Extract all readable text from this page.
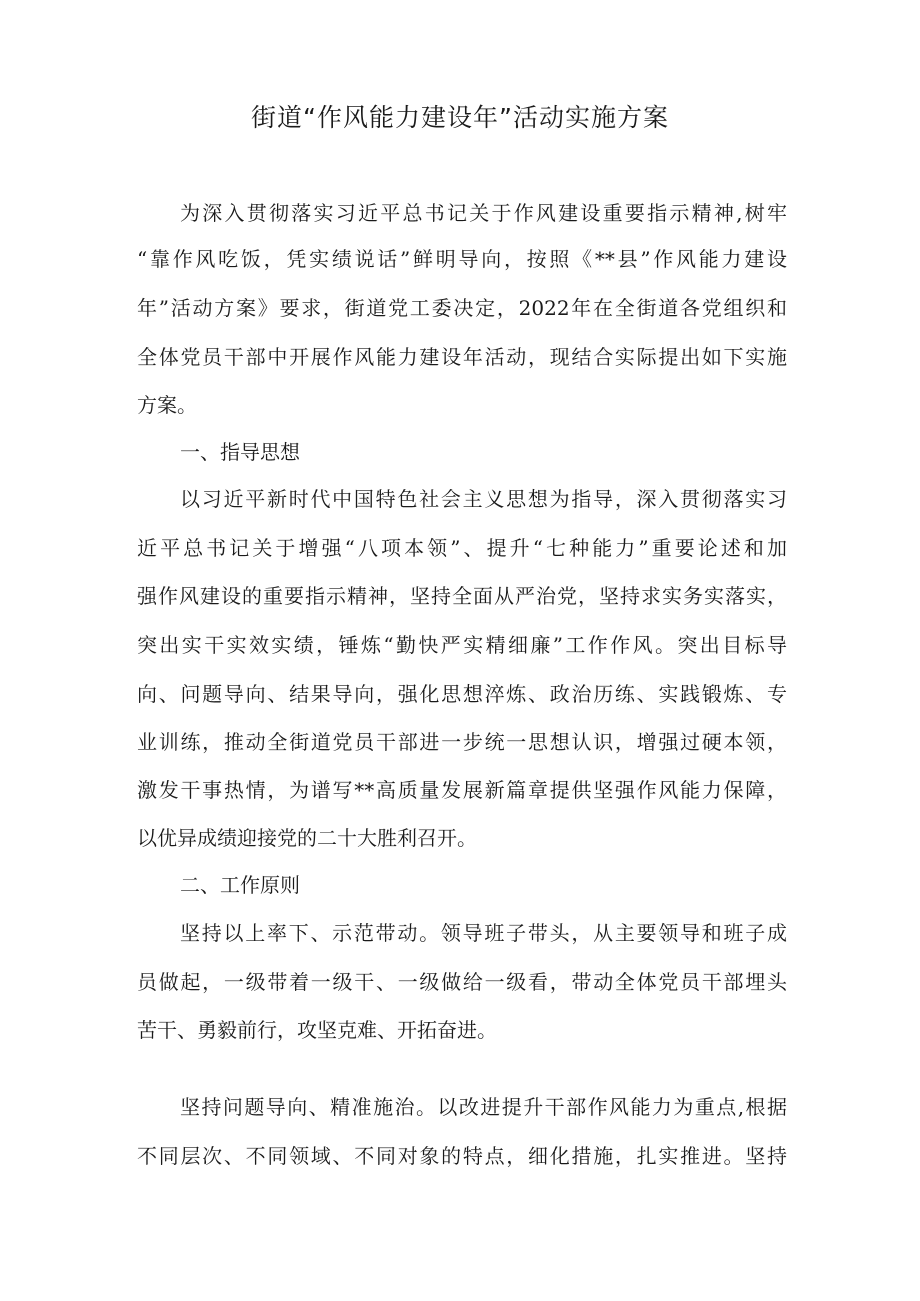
街道“作风能力建设年”活动实施方案
为深入贯彻落实习近平总书记关于作风建设重要指示精神,树牢
“靠作风吃饭，凭实绩说话”鲜明导向，按照《**县”作风能力建设
年”活动方案》要求，街道党工委决定，2022年在全街道各党组织和
全体党员干部中开展作风能力建设年活动，现结合实际提出如下实施
方案。
一、指导思想
以习近平新时代中国特色社会主义思想为指导，深入贯彻落实习
近平总书记关于增强“八项本领”、提升“七种能力”重要论述和加
强作风建设的重要指示精神，坚持全面从严治党，坚持求实务实落实，
突出实干实效实绩，锤炼“勤快严实精细廉”工作作风。突出目标导
向、问题导向、结果导向，强化思想淬炼、政治历练、实践锻炼、专
业训练，推动全街道党员干部进一步统一思想认识，增强过硬本领，
激发干事热情，为谱写**高质量发展新篇章提供坚强作风能力保障，
以优异成绩迎接党的二十大胜利召开。
二、工作原则
坚持以上率下、示范带动。领导班子带头，从主要领导和班子成
员做起，一级带着一级干、一级做给一级看，带动全体党员干部埋头
苦干、勇毅前行，攻坚克难、开拓奋进。
坚持问题导向、精准施治。以改进提升干部作风能力为重点,根据
不同层次、不同领域、不同对象的特点，细化措施，扎实推进。坚持
